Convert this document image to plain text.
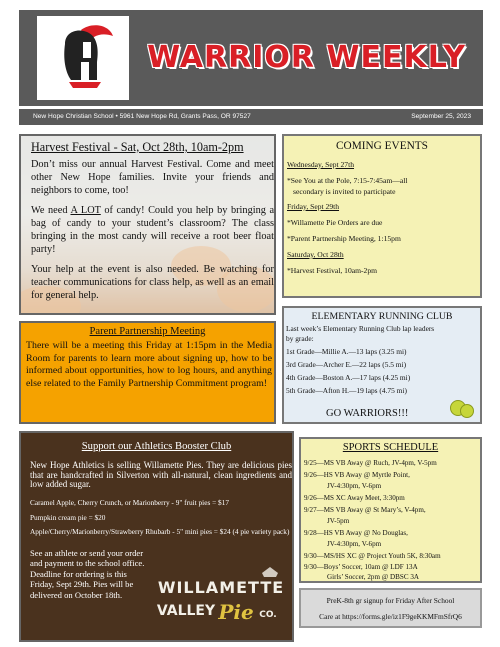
WARRIOR WEEKLY
New Hope Christian School • 5961 New Hope Rd, Grants Pass, OR 97527	September 25, 2023
Harvest Festival - Sat, Oct 28th, 10am-2pm

Don’t miss our annual Harvest Festival. Come and meet other New Hope families. Invite your friends and neighbors to come, too!

We need A LOT of candy! Could you help by bringing a bag of candy to your student’s classroom? The class bringing in the most candy will receive a root beer float party!

Your help at the event is also needed. Be watching for teacher communications for class help, as well as an email for general help.

COMING EVENTS
Wednesday, Sept 27th
*See You at the Pole, 7:15-7:45am—all
secondary is invited to participate
Friday, Sept 29th
*Willamette Pie Orders are due
*Parent Partnership Meeting, 1:15pm
Saturday, Oct 28th
*Harvest Festival, 10am-2pm
Parent Partnership Meeting

There will be a meeting this Friday at 1:15pm in the Media Room for parents to learn more about signing up, how to be informed about opportunities, how to log hours, and anything else related to the Family Partnership Commitment program!

ELEMENTARY RUNNING CLUB
Last week’s Elementary Running Club lap leaders
by grade:
1st Grade—Millie A.—13 laps (3.25 mi)
3rd Grade—Archer E.—22 laps (5.5 mi)
4th Grade—Boston A.—17 laps (4.25 mi)
5th Grade—Afton H.—19 laps (4.75 mi)
GO WARRIORS!!!
Support our Athletics Booster Club
New Hope Athletics is selling Willamette Pies. They are delicious pies that are handcrafted in Silverton with all-natural, clean ingredients and low added sugar.
Caramel Apple, Cherry Crunch, or Marionberry - 9" fruit pies = $17
Pumpkin cream pie = $20
Apple/Cherry/Marionberry/Strawberry Rhubarb - 5" mini pies = $24 (4 pie variety pack)
See an athlete or send your order and payment to the school office. Deadline for ordering is this Friday, Sept 29th. Pies will be delivered on October 18th.	WILLAMETTE
VALLEY Pie CO.
SPORTS SCHEDULE
9/25—MS VB Away @ Ruch, JV-4pm, V-5pm
9/26—HS VB Away @ Myrtle Point,
JV-4:30pm, V-6pm
9/26—MS XC Away Meet, 3:30pm
9/27—MS VB Away @ St Mary’s, V-4pm,
JV-5pm
9/28—HS VB Away @ No Douglas,
JV-4:30pm, V-6pm
9/30—MS/HS XC @ Project Youth 5K, 8:30am
9/30—Boys’ Soccer, 10am @ LDF 13A
Girls’ Soccer, 2pm @ DBSC 3A
PreK-8th gr signup for Friday After School
Care at https://forms.gle/iz1F9geKKMFmSfrQ6
